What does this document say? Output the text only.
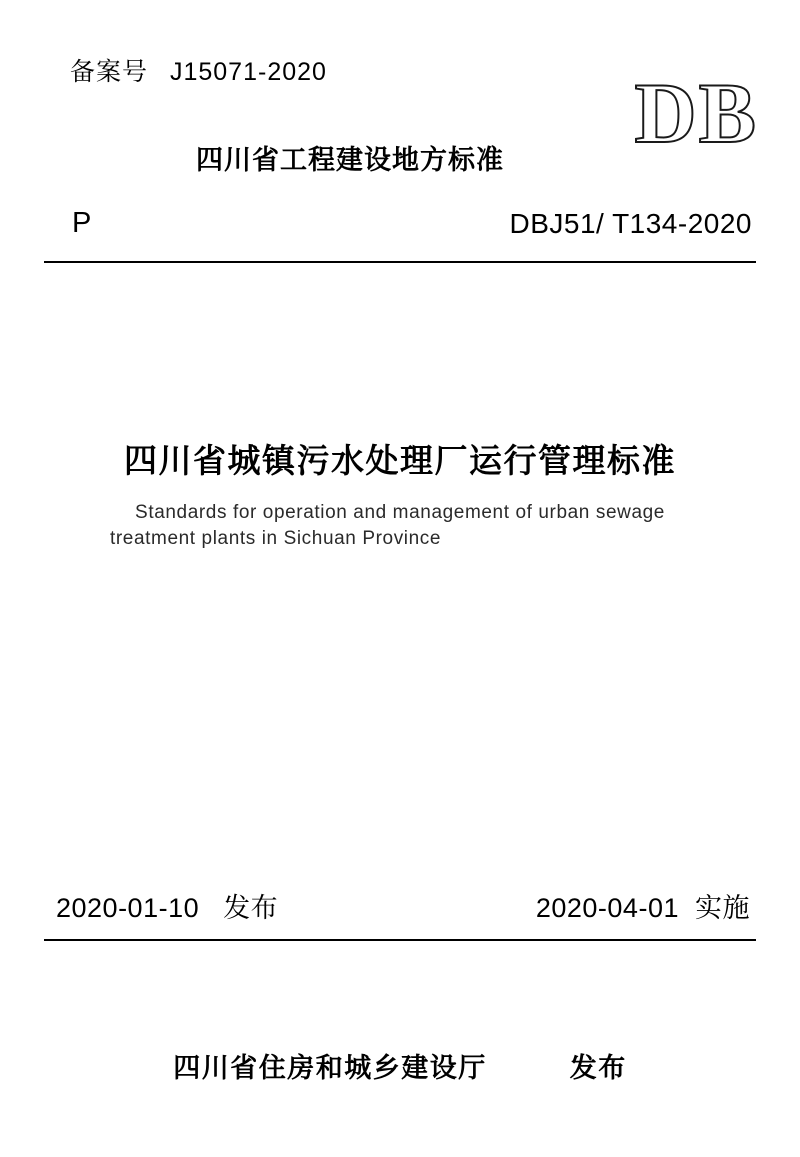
备案号 J15071-2020	DB
四川省工程建设地方标准
P	DBJ51/ T134-2020
四川省城镇污水处理厂运行管理标准
Standards for operation and management of urban sewage
treatment plants in Sichuan Province
2020-01-10 发布	2020-04-01 实施
四川省住房和城乡建设厅	发布
